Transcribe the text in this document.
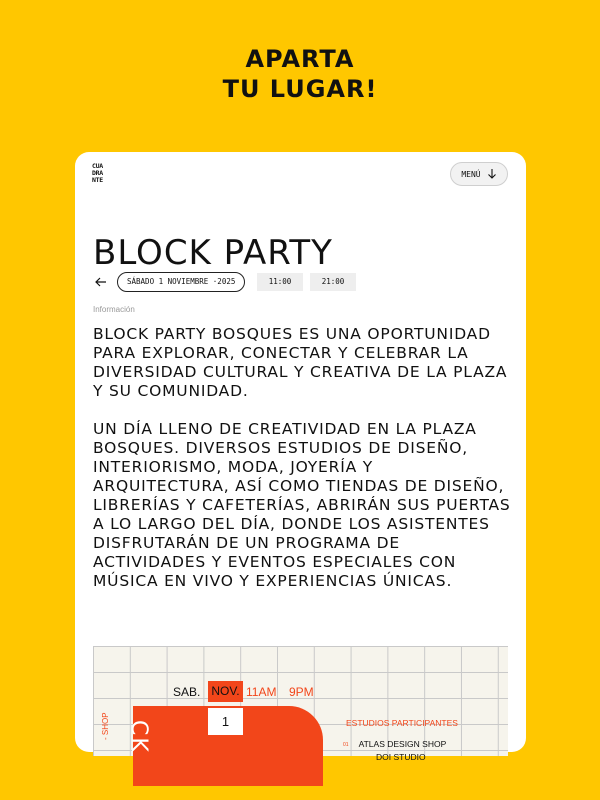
APARTA
TU LUGAR!
CUA
DRA
NTE
MENÚ
BLOCK PARTY
SÁBADO 1 NOVIEMBRE ·2025	11:00	21:00
Información

BLOCK PARTY BOSQUES ES UNA OPORTUNIDAD PARA EXPLORAR, CONECTAR Y CELEBRAR LA DIVERSIDAD CULTURAL Y CREATIVA DE LA PLAZA Y SU COMUNIDAD.

UN DÍA LLENO DE CREATIVIDAD EN LA PLAZA BOSQUES. DIVERSOS ESTUDIOS DE DISEÑO, INTERIORISMO, MODA, JOYERÍA Y ARQUITECTURA, ASÍ COMO TIENDAS DE DISEÑO, LIBRERÍAS Y CAFETERÍAS, ABRIRÁN SUS PUERTAS A LO LARGO DEL DÍA, DONDE LOS ASISTENTES DISFRUTARÁN DE UN PROGRAMA DE ACTIVIDADES Y EVENTOS ESPECIALES CON MÚSICA EN VIVO Y EXPERIENCIAS ÚNICAS.

CK
- SHOP
SAB. NOV. 11AM 9PM
1	ESTUDIOS PARTICIPANTES
01 ATLAS DESIGN SHOP
DOI STUDIO
